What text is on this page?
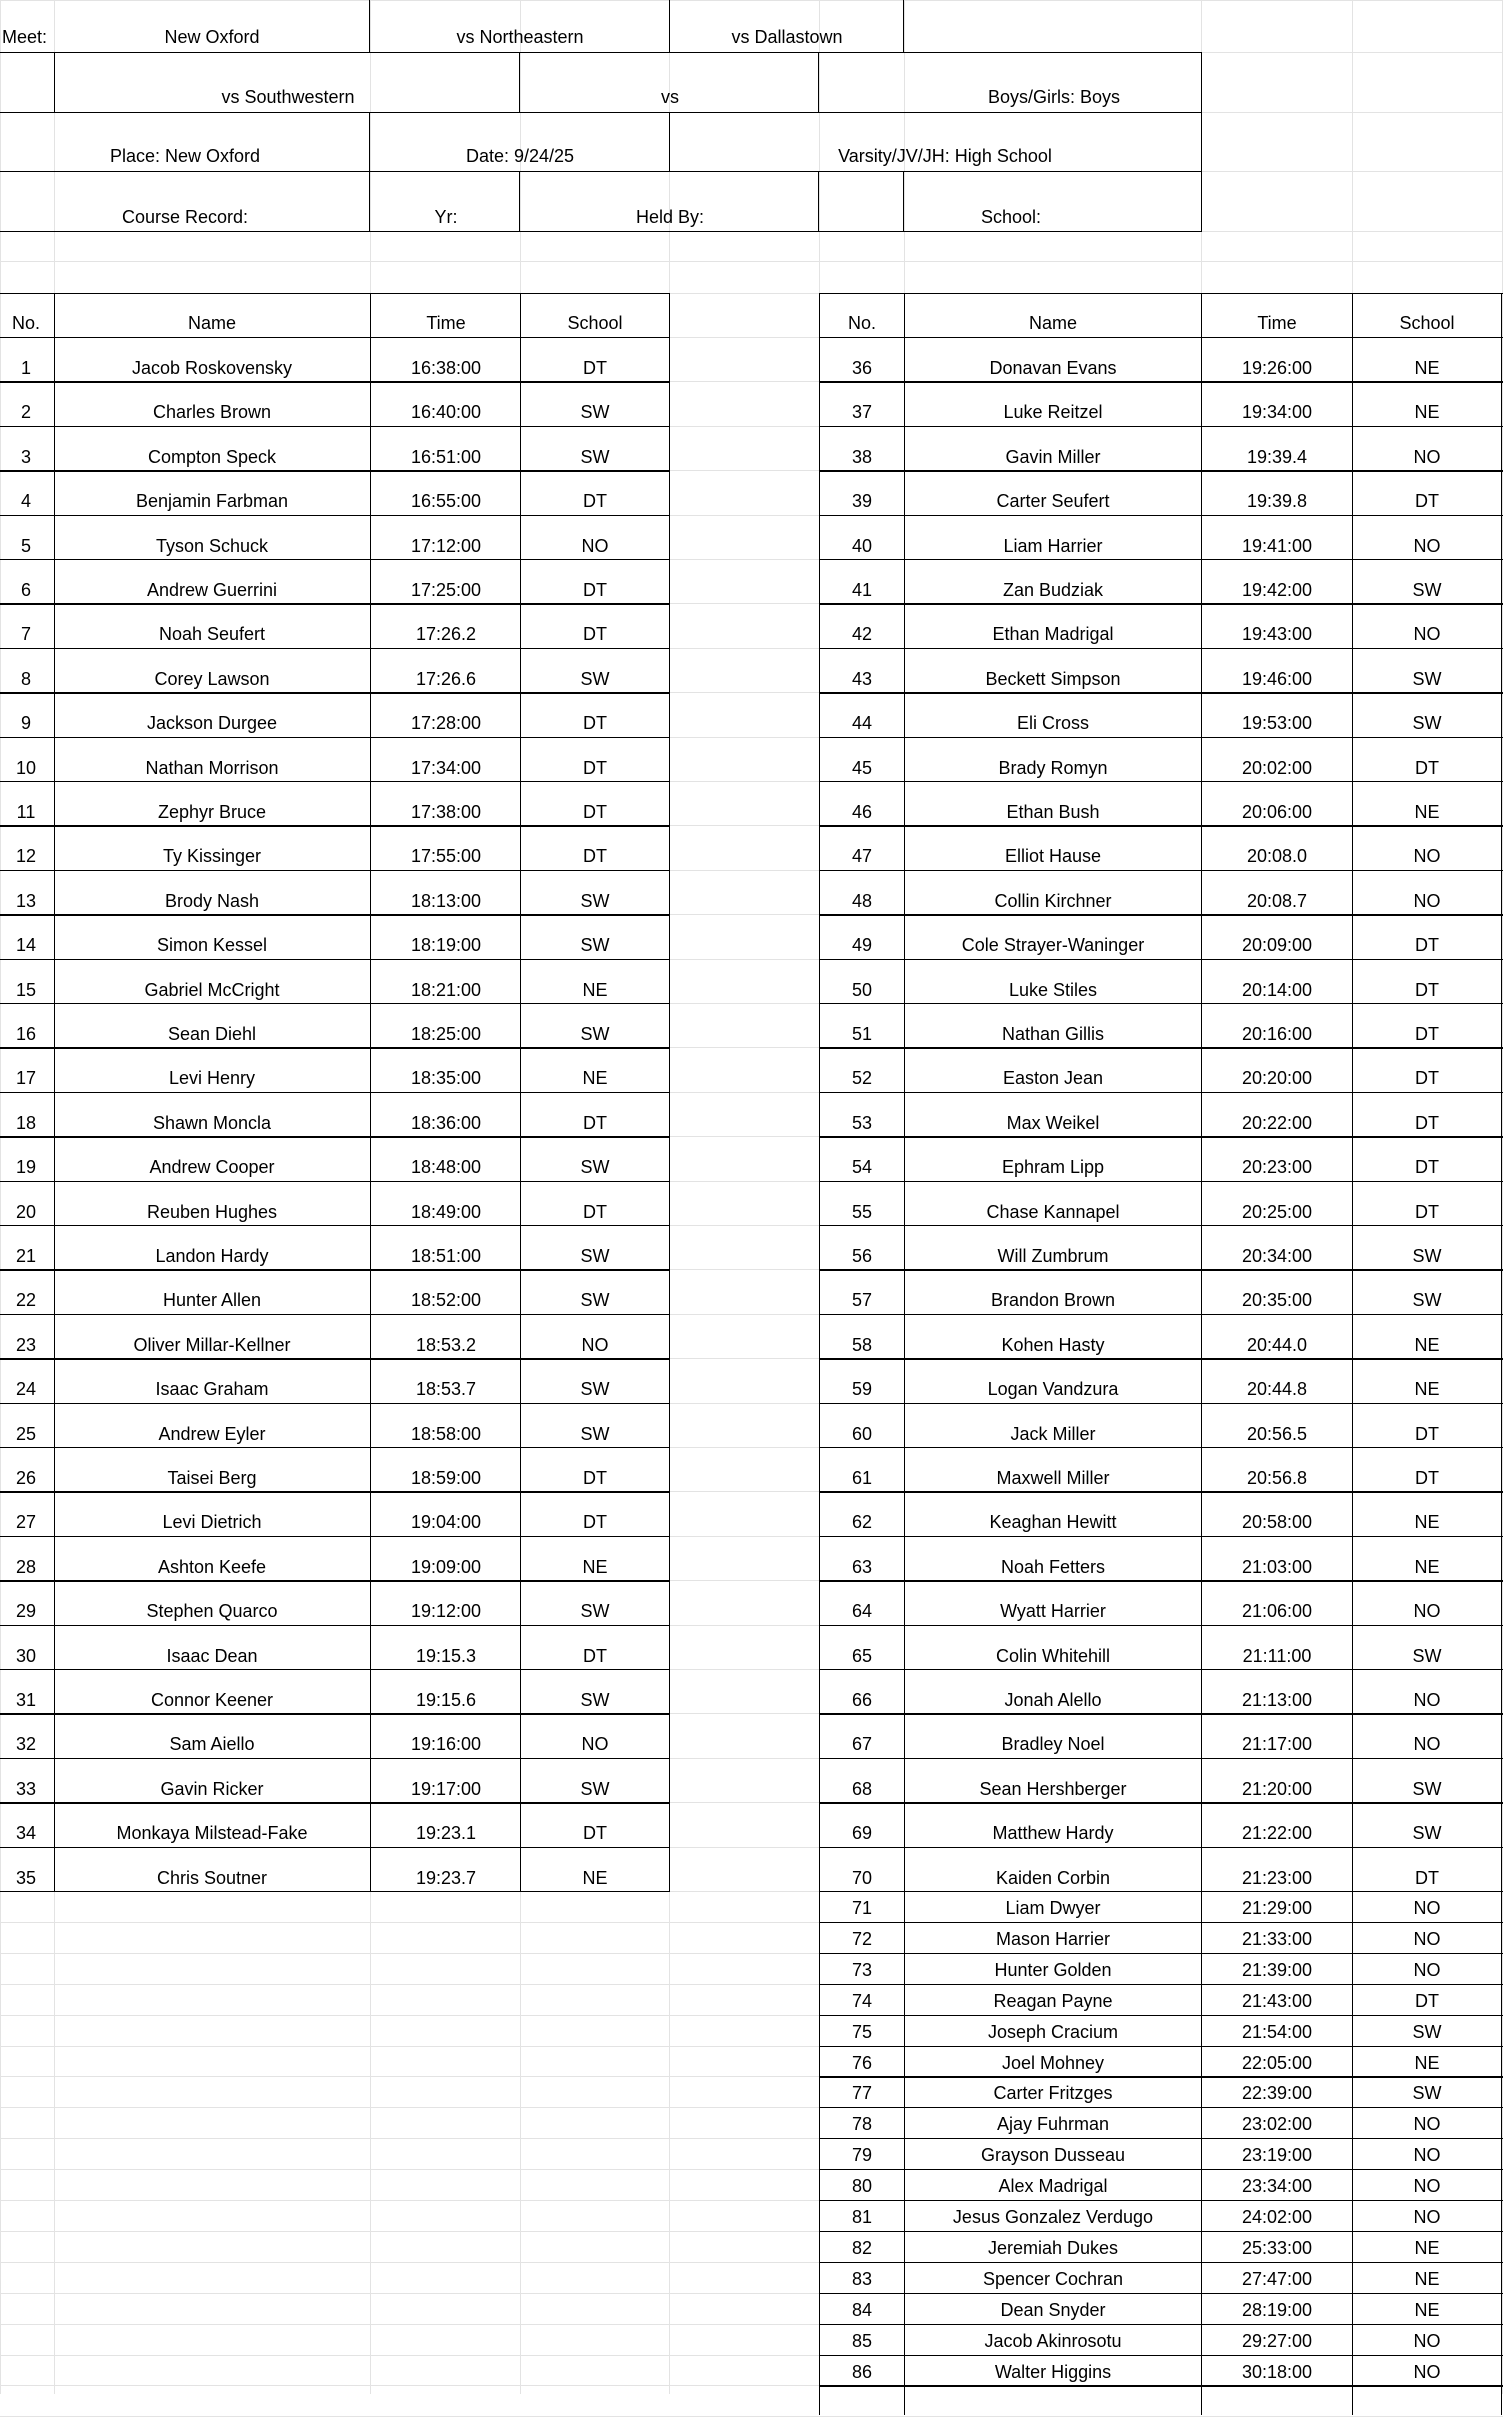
Meet:	New Oxford	vs Northeastern	vs Dallastown
vs Southwestern	vs	Boys/Girls: Boys
Place: New Oxford	Date: 9/24/25	Varsity/JV/JH: High School
Course Record:	Yr:	Held By:	School:
No.	Name	Time	School
1	Jacob Roskovensky	16:38:00	DT
2	Charles Brown	16:40:00	SW
3	Compton Speck	16:51:00	SW
4	Benjamin Farbman	16:55:00	DT
5	Tyson Schuck	17:12:00	NO
6	Andrew Guerrini	17:25:00	DT
7	Noah Seufert	17:26.2	DT
8	Corey Lawson	17:26.6	SW
9	Jackson Durgee	17:28:00	DT
10	Nathan Morrison	17:34:00	DT
11	Zephyr Bruce	17:38:00	DT
12	Ty Kissinger	17:55:00	DT
13	Brody Nash	18:13:00	SW
14	Simon Kessel	18:19:00	SW
15	Gabriel McCright	18:21:00	NE
16	Sean Diehl	18:25:00	SW
17	Levi Henry	18:35:00	NE
18	Shawn Moncla	18:36:00	DT
19	Andrew Cooper	18:48:00	SW
20	Reuben Hughes	18:49:00	DT
21	Landon Hardy	18:51:00	SW
22	Hunter Allen	18:52:00	SW
23	Oliver Millar-Kellner	18:53.2	NO
24	Isaac Graham	18:53.7	SW
25	Andrew Eyler	18:58:00	SW
26	Taisei Berg	18:59:00	DT
27	Levi Dietrich	19:04:00	DT
28	Ashton Keefe	19:09:00	NE
29	Stephen Quarco	19:12:00	SW
30	Isaac Dean	19:15.3	DT
31	Connor Keener	19:15.6	SW
32	Sam Aiello	19:16:00	NO
33	Gavin Ricker	19:17:00	SW
34	Monkaya Milstead-Fake	19:23.1	DT
35	Chris Soutner	19:23.7	NE
No.	Name	Time	School
36	Donavan Evans	19:26:00	NE
37	Luke Reitzel	19:34:00	NE
38	Gavin Miller	19:39.4	NO
39	Carter Seufert	19:39.8	DT
40	Liam Harrier	19:41:00	NO
41	Zan Budziak	19:42:00	SW
42	Ethan Madrigal	19:43:00	NO
43	Beckett Simpson	19:46:00	SW
44	Eli Cross	19:53:00	SW
45	Brady Romyn	20:02:00	DT
46	Ethan Bush	20:06:00	NE
47	Elliot Hause	20:08.0	NO
48	Collin Kirchner	20:08.7	NO
49	Cole Strayer-Waninger	20:09:00	DT
50	Luke Stiles	20:14:00	DT
51	Nathan Gillis	20:16:00	DT
52	Easton Jean	20:20:00	DT
53	Max Weikel	20:22:00	DT
54	Ephram Lipp	20:23:00	DT
55	Chase Kannapel	20:25:00	DT
56	Will Zumbrum	20:34:00	SW
57	Brandon Brown	20:35:00	SW
58	Kohen Hasty	20:44.0	NE
59	Logan Vandzura	20:44.8	NE
60	Jack Miller	20:56.5	DT
61	Maxwell Miller	20:56.8	DT
62	Keaghan Hewitt	20:58:00	NE
63	Noah Fetters	21:03:00	NE
64	Wyatt Harrier	21:06:00	NO
65	Colin Whitehill	21:11:00	SW
66	Jonah Alello	21:13:00	NO
67	Bradley Noel	21:17:00	NO
68	Sean Hershberger	21:20:00	SW
69	Matthew Hardy	21:22:00	SW
70	Kaiden Corbin	21:23:00	DT
71	Liam Dwyer	21:29:00	NO
72	Mason Harrier	21:33:00	NO
73	Hunter Golden	21:39:00	NO
74	Reagan Payne	21:43:00	DT
75	Joseph Cracium	21:54:00	SW
76	Joel Mohney	22:05:00	NE
77	Carter Fritzges	22:39:00	SW
78	Ajay Fuhrman	23:02:00	NO
79	Grayson Dusseau	23:19:00	NO
80	Alex Madrigal	23:34:00	NO
81	Jesus Gonzalez Verdugo	24:02:00	NO
82	Jeremiah Dukes	25:33:00	NE
83	Spencer Cochran	27:47:00	NE
84	Dean Snyder	28:19:00	NE
85	Jacob Akinrosotu	29:27:00	NO
86	Walter Higgins	30:18:00	NO
